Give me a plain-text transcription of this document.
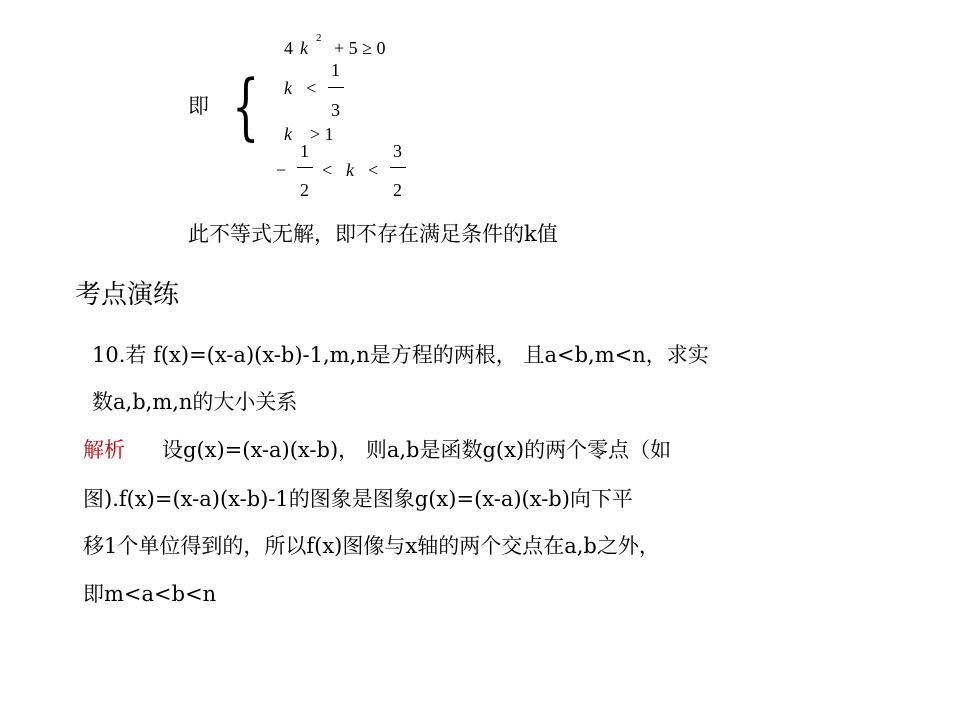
即 {
4 k 2 + 5 ≥ 0
k <
1
3
k > 1
−
1
2
< k <
3
2
此不等式无解，即不存在满足条件的k值
考点演练
10.若 f(x)=(x-a)(x-b)-1,m,n是方程的两根， 且a<b,m<n，求实
数a,b,m,n的大小关系
解析 设g(x)=(x-a)(x-b)， 则a,b是函数g(x)的两个零点（如
图).f(x)=(x-a)(x-b)-1的图象是图象g(x)=(x-a)(x-b)向下平
移1个单位得到的，所以f(x)图像与x轴的两个交点在a,b之外，
即m<a<b<n
